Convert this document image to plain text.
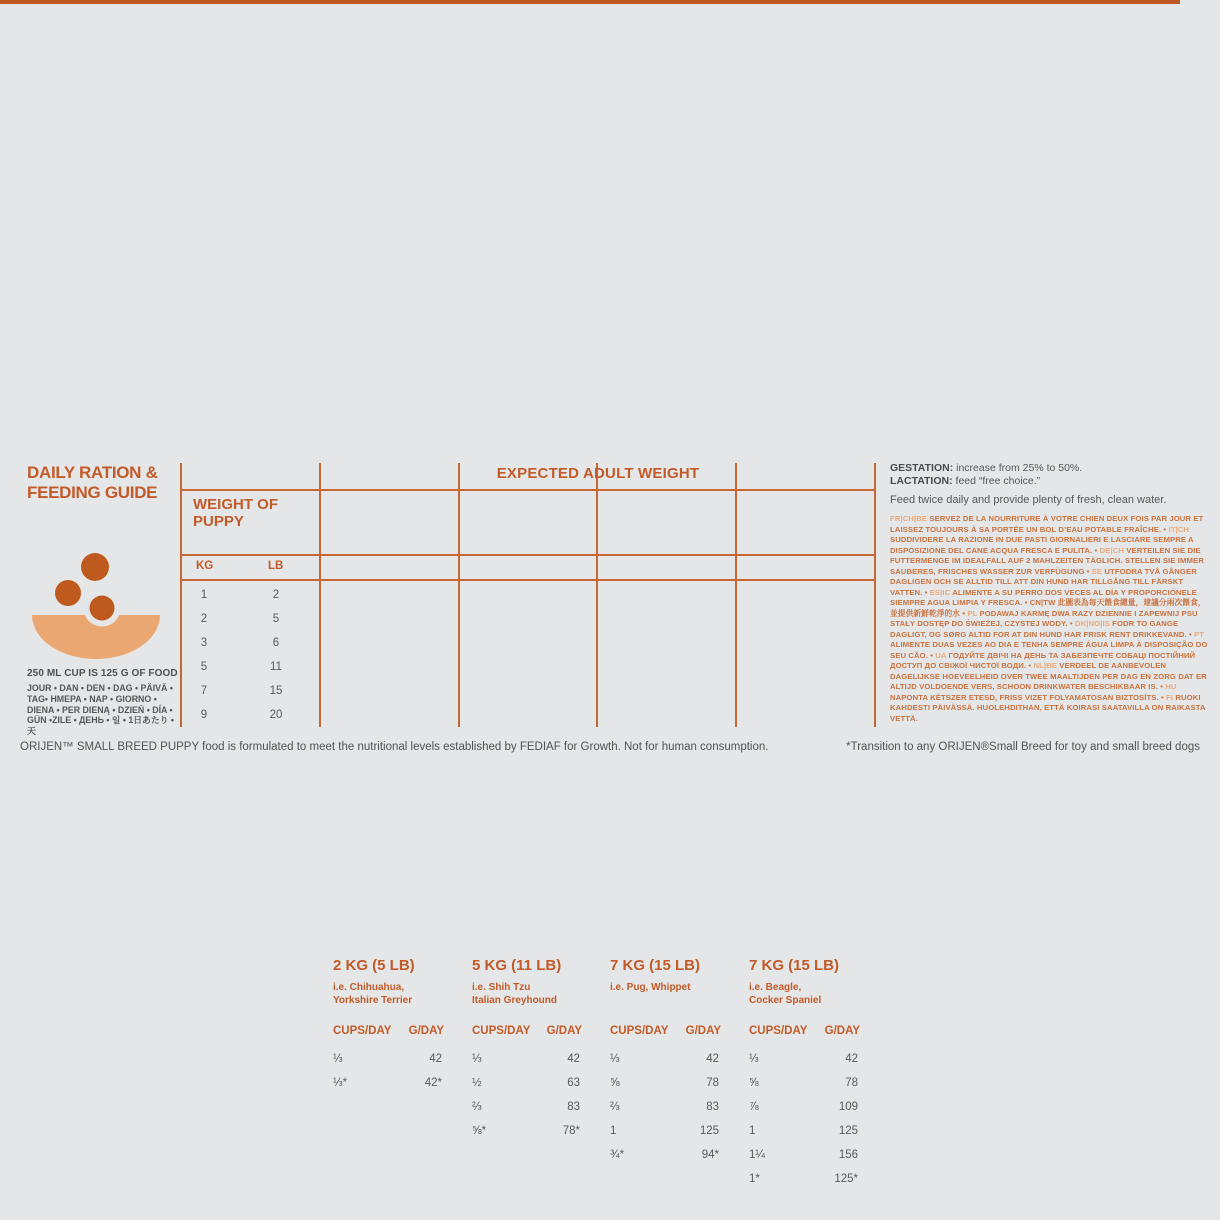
DAILY RATION &
FEEDING GUIDE
250 ML CUP IS 125 G OF FOOD
JOUR • DAN • DEN • DAG • PÄIVÄ • TAG• HMEPA • NAP • GIORNO • DIENA • PER DIENĄ • DZIEŃ • DÍA • GÜN •ZILE • ДЕНЬ • 일 • 1日あたり • 天
EXPECTED ADULT WEIGHT
WEIGHT OF
PUPPY
KG	LB
1	2
2	5
3	6
5	11
7	15
9	20
2 KG (5 LB)
i.e. Chihuahua,
Yorkshire Terrier
CUPS/DAY G/DAY
⅓	42
⅓*	42*
5 KG (11 LB)
i.e. Shih Tzu
Italian Greyhound
CUPS/DAY G/DAY
⅓	42
½	63
⅔	83
⅝*	78*
7 KG (15 LB)
i.e. Pug, Whippet
CUPS/DAY G/DAY
⅓	42
⅝	78
⅔	83
1	125
¾*	94*
7 KG (15 LB)
i.e. Beagle,
Cocker Spaniel
CUPS/DAY G/DAY
⅓	42
⅝	78
⅞	109
1	125
1¼	156
1*	125*
GESTATION: increase from 25% to 50%.
LACTATION: feed “free choice.”
Feed twice daily and provide plenty of fresh, clean water.
FR|CH|BE SERVEZ DE LA NOURRITURE À VOTRE CHIEN DEUX FOIS PAR JOUR ET LAISSEZ TOUJOURS À SA PORTÉE UN BOL D’EAU POTABLE FRAÎCHE. • IT|CH SUDDIVIDERE LA RAZIONE IN DUE PASTI GIORNALIERI E LASCIARE SEMPRE A DISPOSIZIONE DEL CANE ACQUA FRESCA E PULITA. • DE|CH VERTEILEN SIE DIE FUTTERMENGE IM IDEALFALL AUF 2 MAHLZEITEN TÄGLICH. STELLEN SIE IMMER SAUBERES, FRISCHES WASSER ZUR VERFÜGUNG • SE UTFODRA TVÅ GÅNGER DAGLIGEN OCH SE ALLTID TILL ATT DIN HUND HAR TILLGÅNG TILL FÄRSKT VATTEN. • ES|IC ALIMENTE A SU PERRO DOS VECES AL DÍA Y PROPORCIÓNELE SIEMPRE AGUA LIMPIA Y FRESCA. • CN|TW 此圖表為每天餵食總量，建議分兩次餵食，並提供新鮮乾淨的水 • PL PODAWAJ KARMĘ DWA RAZY DZIENNIE I ZAPEWNIJ PSU STAŁY DOSTĘP DO ŚWIEŻEJ, CZYSTEJ WODY. • DK|NO|IS FODR TO GANGE DAGLIGT, OG SØRG ALTID FOR AT DIN HUND HAR FRISK RENT DRIKKEVAND. • PT ALIMENTE DUAS VEZES AO DIA E TENHA SEMPRE ÁGUA LIMPA À DISPOSIÇÃO DO SEU CÃO. • UA ГОДУЙТЕ ДВІЧІ НА ДЕНЬ ТА ЗАБЕЗПЕЧТЕ СОБАЦІ ПОСТІЙНИЙ ДОСТУП ДО СВІЖОЇ ЧИСТОЇ ВОДИ. • NL|BE VERDEEL DE AANBEVOLEN DAGELIJKSE HOEVEELHEID OVER TWEE MAALTIJDEN PER DAG EN ZORG DAT ER ALTIJD VOLDOENDE VERS, SCHOON DRINKWATER BESCHIKBAAR IS. • HU NAPONTA KÉTSZER ETESD, FRISS VIZET FOLYAMATOSAN BIZTOSÍTS. • FI RUOKI KAHDESTI PÄIVÄSSÄ. HUOLEHDITHAN, ETTÄ KOIRASI SAATAVILLA ON RAIKASTA VETTÄ.
ORIJEN™ SMALL BREED PUPPY food is formulated to meet the nutritional levels established by FEDIAF for Growth. Not for human consumption.	*Transition to any ORIJEN®Small Breed for toy and small breed dogs
